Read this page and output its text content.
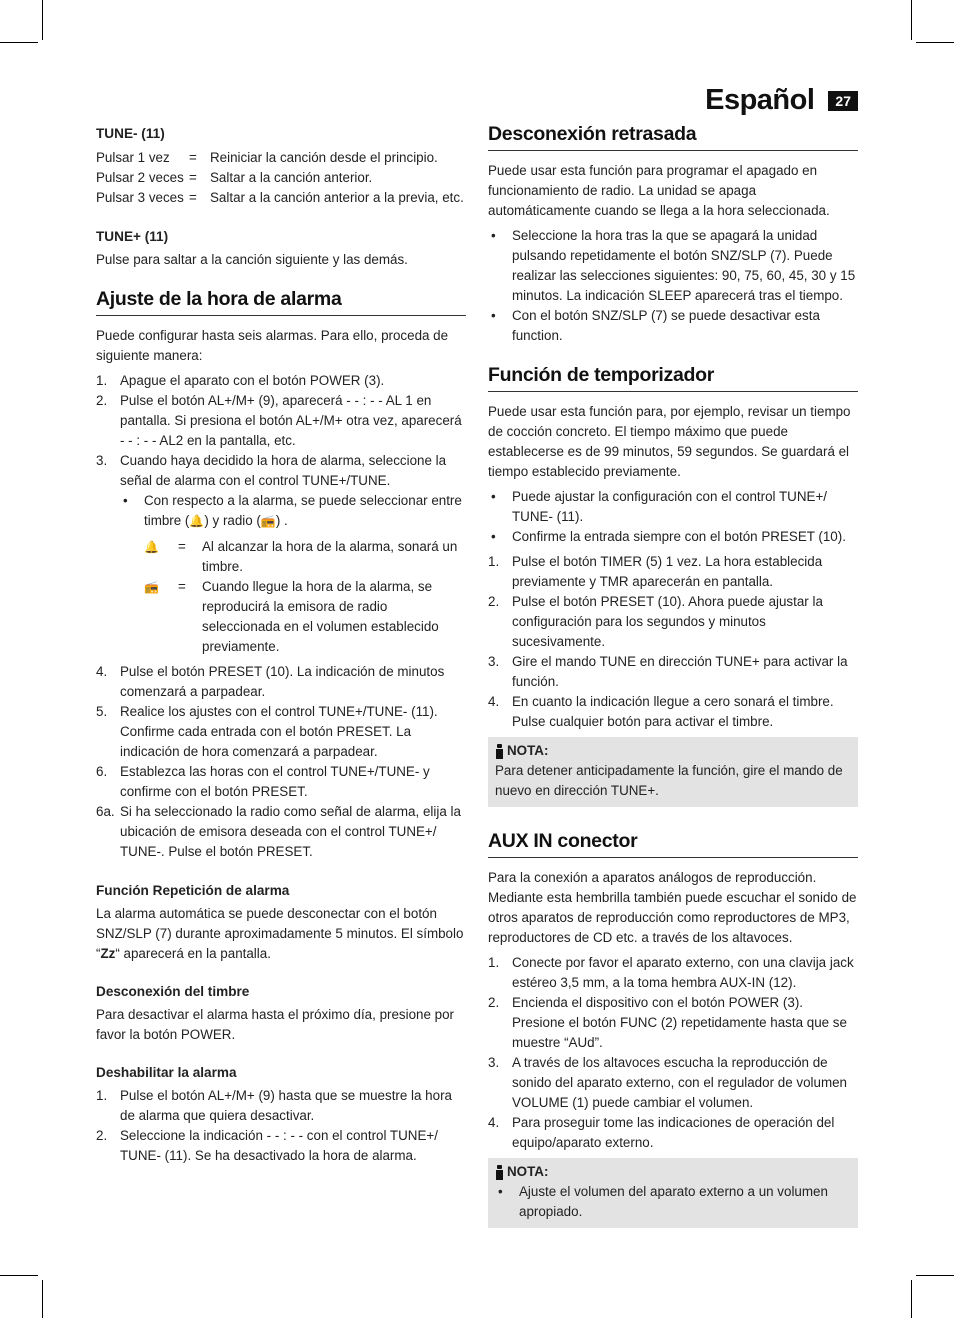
Español	27

TUNE- (11)

Pulsar 1 vez	= Reiniciar la canción desde el principio.
Pulsar 2 veces = Saltar a la canción anterior.
Pulsar 3 veces = Saltar a la canción anterior a la previa, etc.

TUNE+ (11)

Pulse para saltar a la canción siguiente y las demás.

Ajuste de la hora de alarma

Puede configurar hasta seis alarmas. Para ello, proceda de siguiente manera:

1. Apague el aparato con el botón POWER (3).
2. Pulse el botón AL+/M+ (9), aparecerá - - : - - AL 1 en pantalla. Si presiona el botón AL+/M+ otra vez, aparecerá - - : - - AL2 en la pantalla, etc.
3. Cuando haya decidido la hora de alarma, seleccione la señal de alarma con el control TUNE+/TUNE.
•	Con respecto a la alarma, se puede seleccionar entre timbre (🔔) y radio (📻) .
🔔	=	Al alcanzar la hora de la alarma, sonará un timbre.
📻	=	Cuando llegue la hora de la alarma, se reproducirá la emisora de radio seleccionada en el volumen establecido previamente.
4. Pulse el botón PRESET (10). La indicación de minutos comenzará a parpadear.
5. Realice los ajustes con el control TUNE+/TUNE- (11). Confirme cada entrada con el botón PRESET. La indicación de hora comenzará a parpadear.
6. Establezca las horas con el control TUNE+/TUNE- y confirme con el botón PRESET.
6a. Si ha seleccionado la radio como señal de alarma, elija la ubicación de emisora deseada con el control TUNE+/ TUNE-. Pulse el botón PRESET.

Función Repetición de alarma

La alarma automática se puede desconectar con el botón SNZ/SLP (7) durante aproximadamente 5 minutos. El símbolo “Zz“ aparecerá en la pantalla.

Desconexión del timbre

Para desactivar el alarma hasta el próximo día, presione por favor la botón POWER.

Deshabilitar la alarma

1. Pulse el botón AL+/M+ (9) hasta que se muestre la hora de alarma que quiera desactivar.
2. Seleccione la indicación - - : - - con el control TUNE+/ TUNE- (11). Se ha desactivado la hora de alarma.
Desconexión retrasada

Puede usar esta función para programar el apagado en funcionamiento de radio. La unidad se apaga automáticamente cuando se llega a la hora seleccionada.

•	Seleccione la hora tras la que se apagará la unidad pulsando repetidamente el botón SNZ/SLP (7). Puede realizar las selecciones siguientes: 90, 75, 60, 45, 30 y 15 minutos. La indicación SLEEP aparecerá tras el tiempo.
•	Con el botón SNZ/SLP (7) se puede desactivar esta function.
Función de temporizador

Puede usar esta función para, por ejemplo, revisar un tiempo de cocción concreto. El tiempo máximo que puede establecerse es de 99 minutos, 59 segundos. Se guardará el tiempo establecido previamente.

•	Puede ajustar la configuración con el control TUNE+/ TUNE- (11).
•	Confirme la entrada siempre con el botón PRESET (10).
1. Pulse el botón TIMER (5) 1 vez. La hora establecida previamente y TMR aparecerán en pantalla.
2. Pulse el botón PRESET (10). Ahora puede ajustar la configuración para los segundos y minutos sucesivamente.
3. Gire el mando TUNE en dirección TUNE+ para activar la función.
4. En cuanto la indicación llegue a cero sonará el timbre. Pulse cualquier botón para activar el timbre.
NOTA:

Para detener anticipadamente la función, gire el mando de nuevo en dirección TUNE+.

AUX IN conector

Para la conexión a aparatos análogos de reproducción. Mediante esta hembrilla también puede escuchar el sonido de otros aparatos de reproducción como reproductores de MP3, reproductores de CD etc. a través de los altavoces.

1. Conecte por favor el aparato externo, con una clavija jack estéreo 3,5 mm, a la toma hembra AUX-IN (12).
2. Encienda el dispositivo con el botón POWER (3). Presione el botón FUNC (2) repetidamente hasta que se muestre “AUd”.
3. A través de los altavoces escucha la reproducción de sonido del aparato externo, con el regulador de volumen VOLUME (1) puede cambiar el volumen.
4. Para proseguir tome las indicaciones de operación del equipo/aparato externo.
NOTA:
•	Ajuste el volumen del aparato externo a un volumen apropiado.
